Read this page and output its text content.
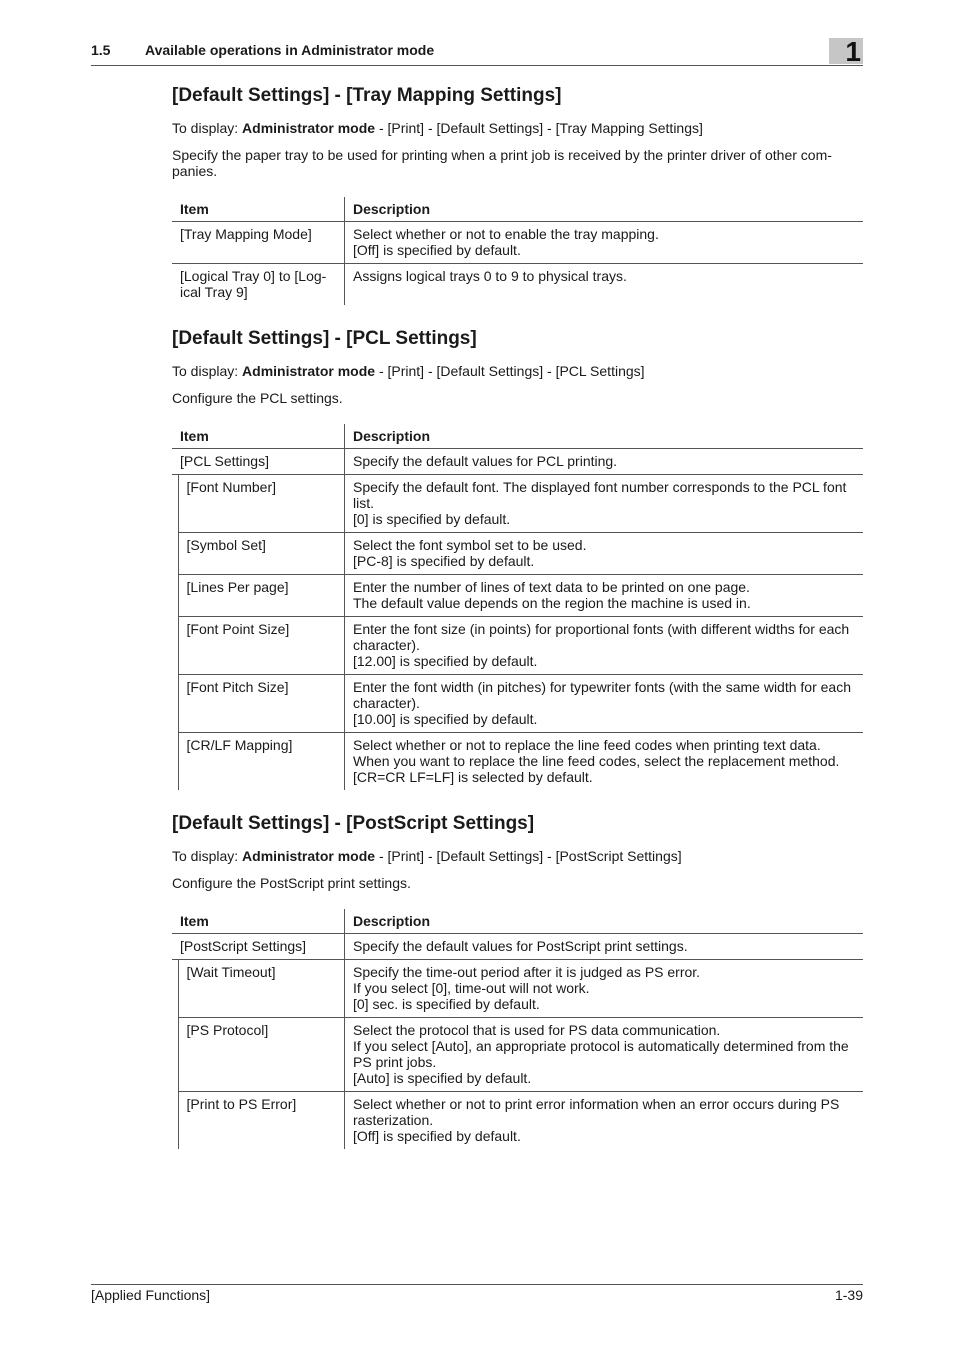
1.5 Available operations in Administrator mode	1
[Default Settings] - [Tray Mapping Settings]

To display: Administrator mode - [Print] - [Default Settings] - [Tray Mapping Settings]

Specify the paper tray to be used for printing when a print job is received by the printer driver of other com-panies.

Item	Description
[Tray Mapping Mode]	Select whether or not to enable the tray mapping.
[Off] is specified by default.

[Logical Tray 0] to [Log-
ical Tray 9]	Assigns logical trays 0 to 9 to physical trays.
[Default Settings] - [PCL Settings]

To display: Administrator mode - [Print] - [Default Settings] - [PCL Settings]

Configure the PCL settings.

Item		Description
[PCL Settings]		Specify the default values for PCL printing.
	[Font Number]	Specify the default font. The displayed font number corresponds to the PCL font list.
[0] is specified by default.

	[Symbol Set]	Select the font symbol set to be used.
[PC-8] is specified by default.

	[Lines Per page]	Enter the number of lines of text data to be printed on one page.
The default value depends on the region the machine is used in.

	[Font Point Size]	Enter the font size (in points) for proportional fonts (with different widths for each character).
[12.00] is specified by default.

	[Font Pitch Size]	Enter the font width (in pitches) for typewriter fonts (with the same width for each character).
[10.00] is specified by default.

	[CR/LF Mapping]	Select whether or not to replace the line feed codes when printing text data.
When you want to replace the line feed codes, select the replacement method.
[CR=CR LF=LF] is selected by default.
[Default Settings] - [PostScript Settings]

To display: Administrator mode - [Print] - [Default Settings] - [PostScript Settings]

Configure the PostScript print settings.

Item		Description
[PostScript Settings]		Specify the default values for PostScript print settings.
	[Wait Timeout]	Specify the time-out period after it is judged as PS error.
If you select [0], time-out will not work.
[0] sec. is specified by default.

	[PS Protocol]	Select the protocol that is used for PS data communication.
If you select [Auto], an appropriate protocol is automatically determined from the PS print jobs.
[Auto] is specified by default.

	[Print to PS Error]	Select whether or not to print error information when an error occurs during PS rasterization.
[Off] is specified by default.
[Applied Functions]	1-39
